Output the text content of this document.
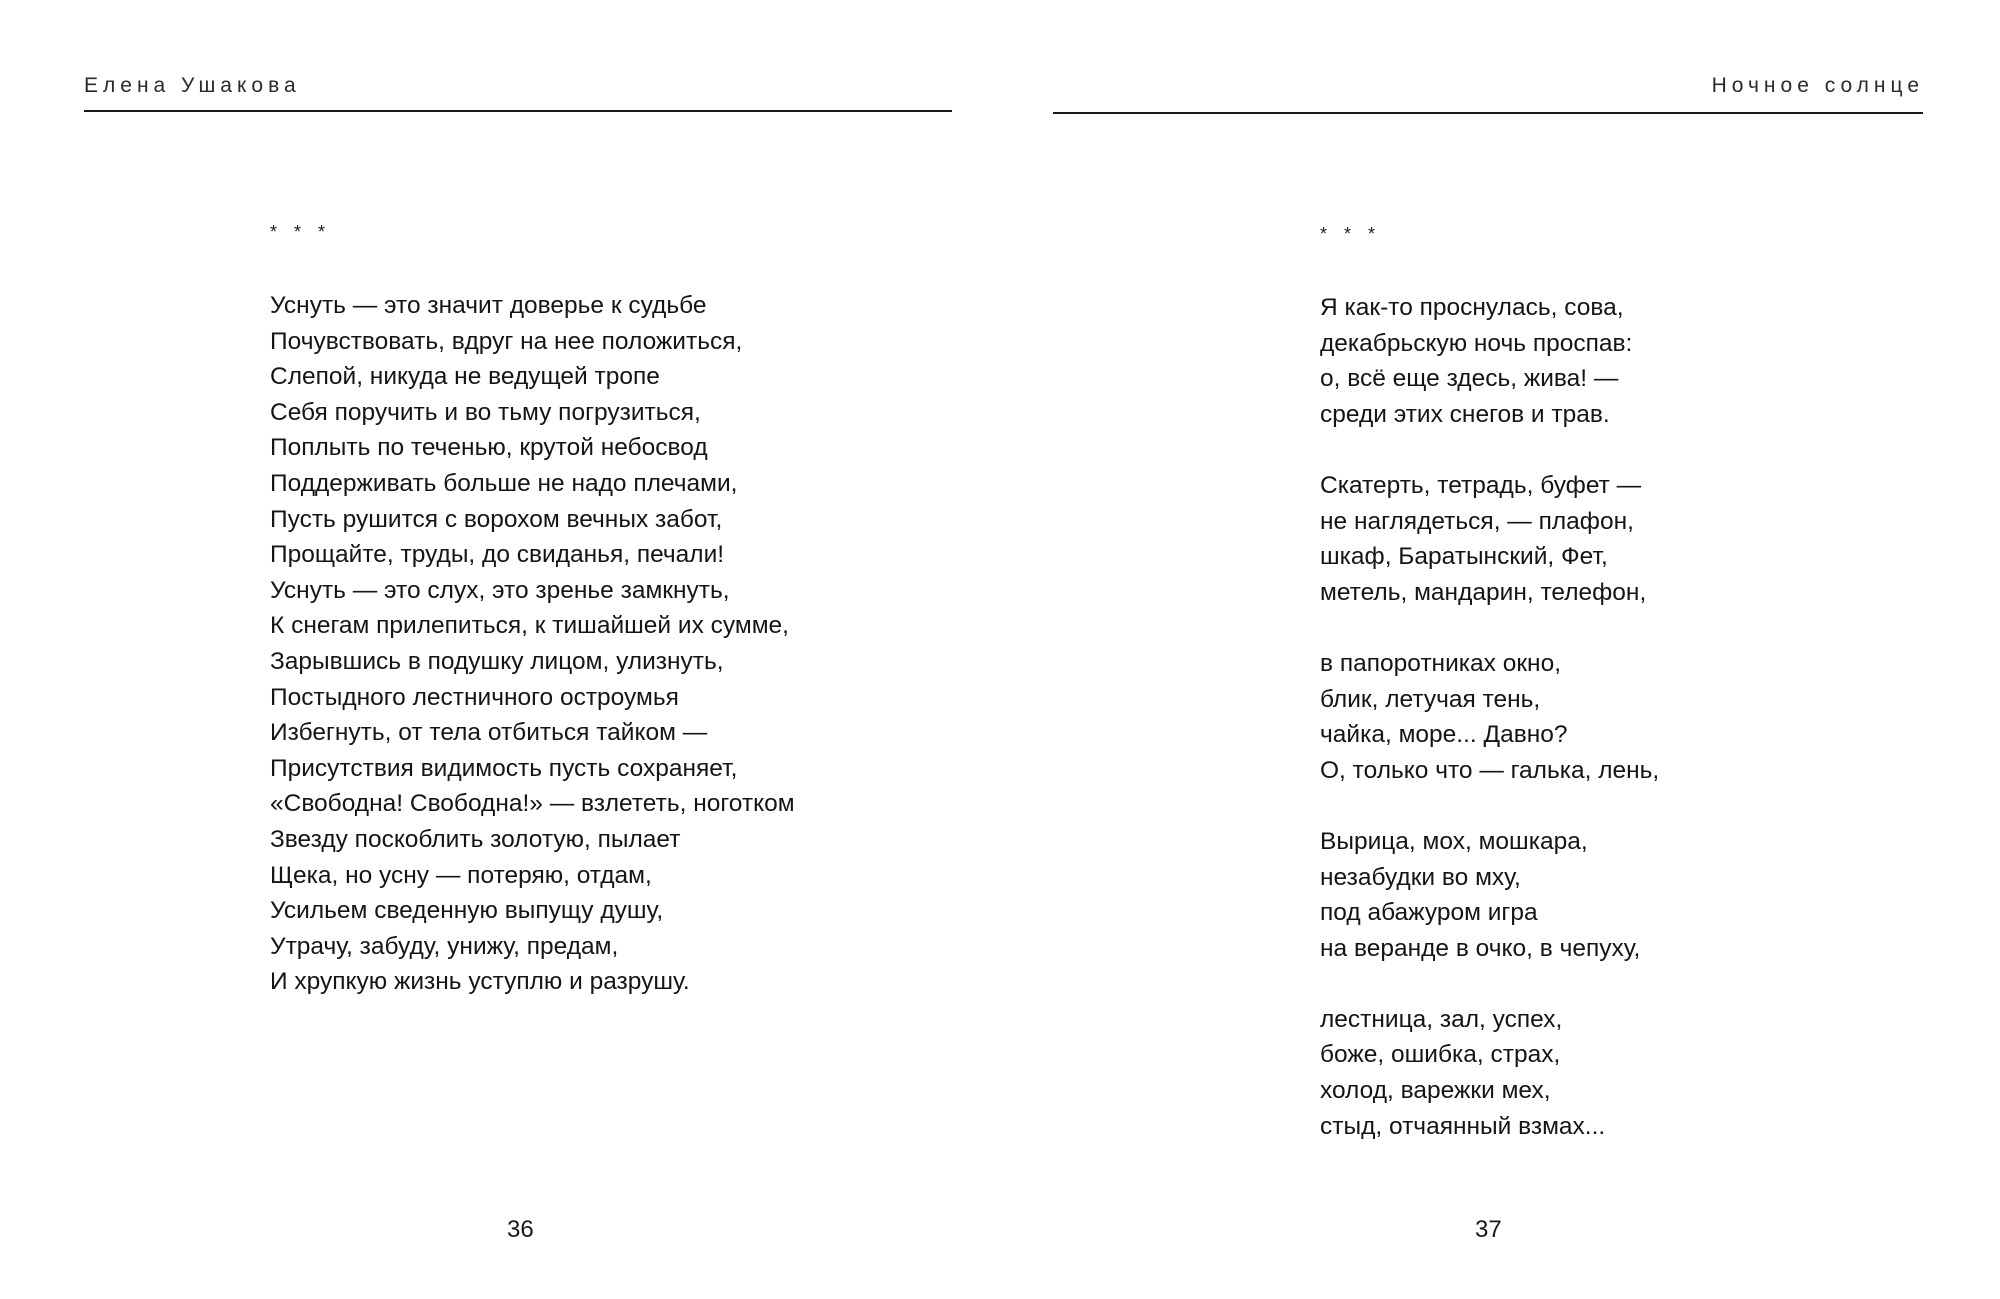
Елена Ушакова
* * *
Уснуть — это значит доверье к судьбе
Почувствовать, вдруг на нее положиться,
Слепой, никуда не ведущей тропе
Себя поручить и во тьму погрузиться,
Поплыть по теченью, крутой небосвод
Поддерживать больше не надо плечами,
Пусть рушится с ворохом вечных забот,
Прощайте, труды, до свиданья, печали!
Уснуть — это слух, это зренье замкнуть,
К снегам прилепиться, к тишайшей их сумме,
Зарывшись в подушку лицом, улизнуть,
Постыдного лестничного остроумья
Избегнуть, от тела отбиться тайком —
Присутствия видимость пусть сохраняет,
«Свободна! Свободна!» — взлететь, ноготком
Звезду поскоблить золотую, пылает
Щека, но усну — потеряю, отдам,
Усильем сведенную выпущу душу,
Утрачу, забуду, унижу, предам,
И хрупкую жизнь уступлю и разрушу.
36
Ночное солнце
* * *
Я как-то проснулась, сова,
декабрьскую ночь проспав:
о, всё еще здесь, жива! —
среди этих снегов и трав.
Скатерть, тетрадь, буфет —
не наглядеться, — плафон,
шкаф, Баратынский, Фет,
метель, мандарин, телефон,
в папоротниках окно,
блик, летучая тень,
чайка, море... Давно?
О, только что — галька, лень,
Вырица, мох, мошкара,
незабудки во мху,
под абажуром игра
на веранде в очко, в чепуху,
лестница, зал, успех,
боже, ошибка, страх,
холод, варежки мех,
стыд, отчаянный взмах...
37
